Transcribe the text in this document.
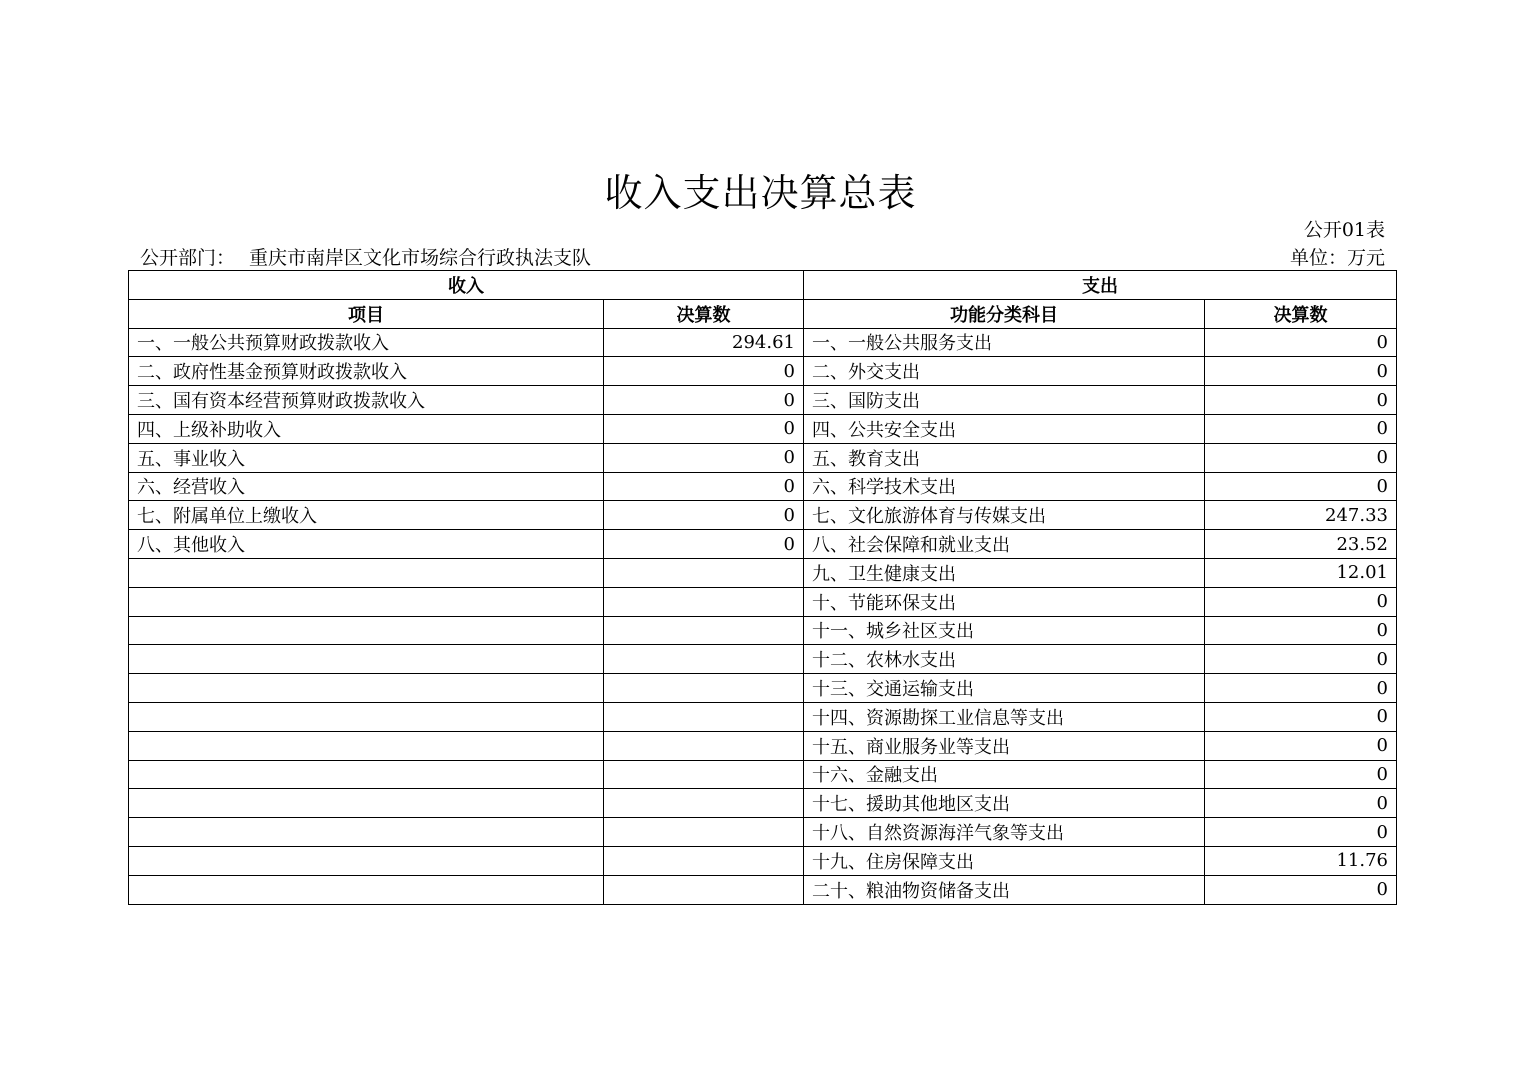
收入支出决算总表
公开01表
公开部门： 重庆市南岸区文化市场综合行政执法支队	单位：万元
收入		支出	
项目	决算数	功能分类科目	决算数
一、一般公共预算财政拨款收入	294.61	一、一般公共服务支出	0
二、政府性基金预算财政拨款收入	0	二、外交支出	0
三、国有资本经营预算财政拨款收入	0	三、国防支出	0
四、上级补助收入	0	四、公共安全支出	0
五、事业收入	0	五、教育支出	0
六、经营收入	0	六、科学技术支出	0
七、附属单位上缴收入	0	七、文化旅游体育与传媒支出	247.33
八、其他收入	0	八、社会保障和就业支出	23.52
		九、卫生健康支出	12.01
		十、节能环保支出	0
		十一、城乡社区支出	0
		十二、农林水支出	0
		十三、交通运输支出	0
		十四、资源勘探工业信息等支出	0
		十五、商业服务业等支出	0
		十六、金融支出	0
		十七、援助其他地区支出	0
		十八、自然资源海洋气象等支出	0
		十九、住房保障支出	11.76
		二十、粮油物资储备支出	0
